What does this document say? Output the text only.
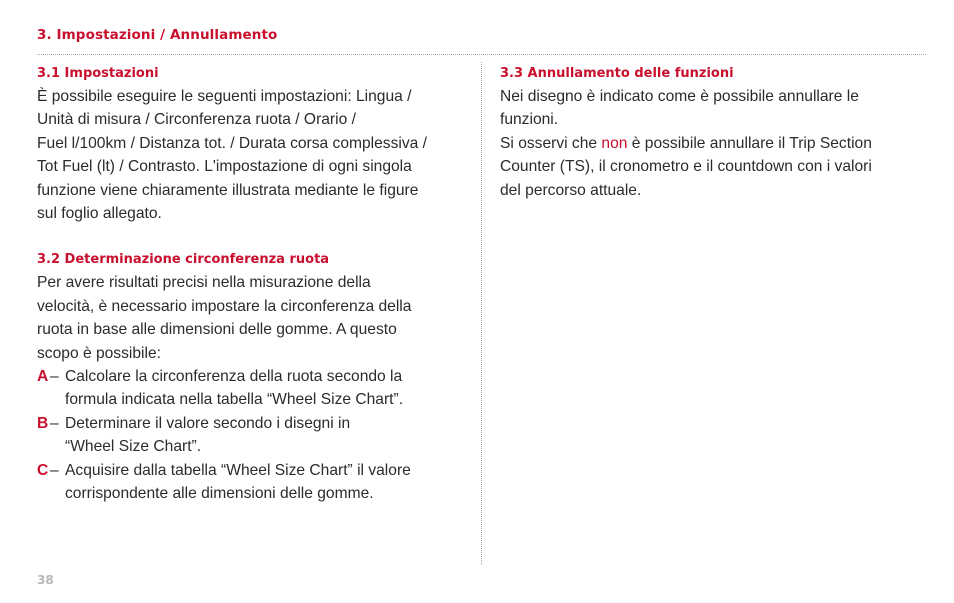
3. Impostazioni / Annullamento
3.1 Impostazioni

È possibile eseguire le seguenti impostazioni: Lingua /
Unità di misura / Circonferenza ruota / Orario /
Fuel l/100km / Distanza tot. / Durata corsa complessiva /
Tot Fuel (lt) / Contrasto. L'impostazione di ogni singola
funzione viene chiaramente illustrata mediante le figure
sul foglio allegato.

3.2 Determinazione circonferenza ruota

Per avere risultati precisi nella misurazione della
velocità, è necessario impostare la circonferenza della
ruota in base alle dimensioni delle gomme. A questo
scopo è possibile:

A – Calcolare la circonferenza della ruota secondo la
formula indicata nella tabella “Wheel Size Chart”.
B – Determinare il valore secondo i disegni in
“Wheel Size Chart”.
C – Acquisire dalla tabella “Wheel Size Chart” il valore
corrispondente alle dimensioni delle gomme.
3.3 Annullamento delle funzioni

Nei disegno è indicato come è possibile annullare le
funzioni.

Si osservi che non è possibile annullare il Trip Section
Counter (TS), il cronometro e il countdown con i valori
del percorso attuale.

38
